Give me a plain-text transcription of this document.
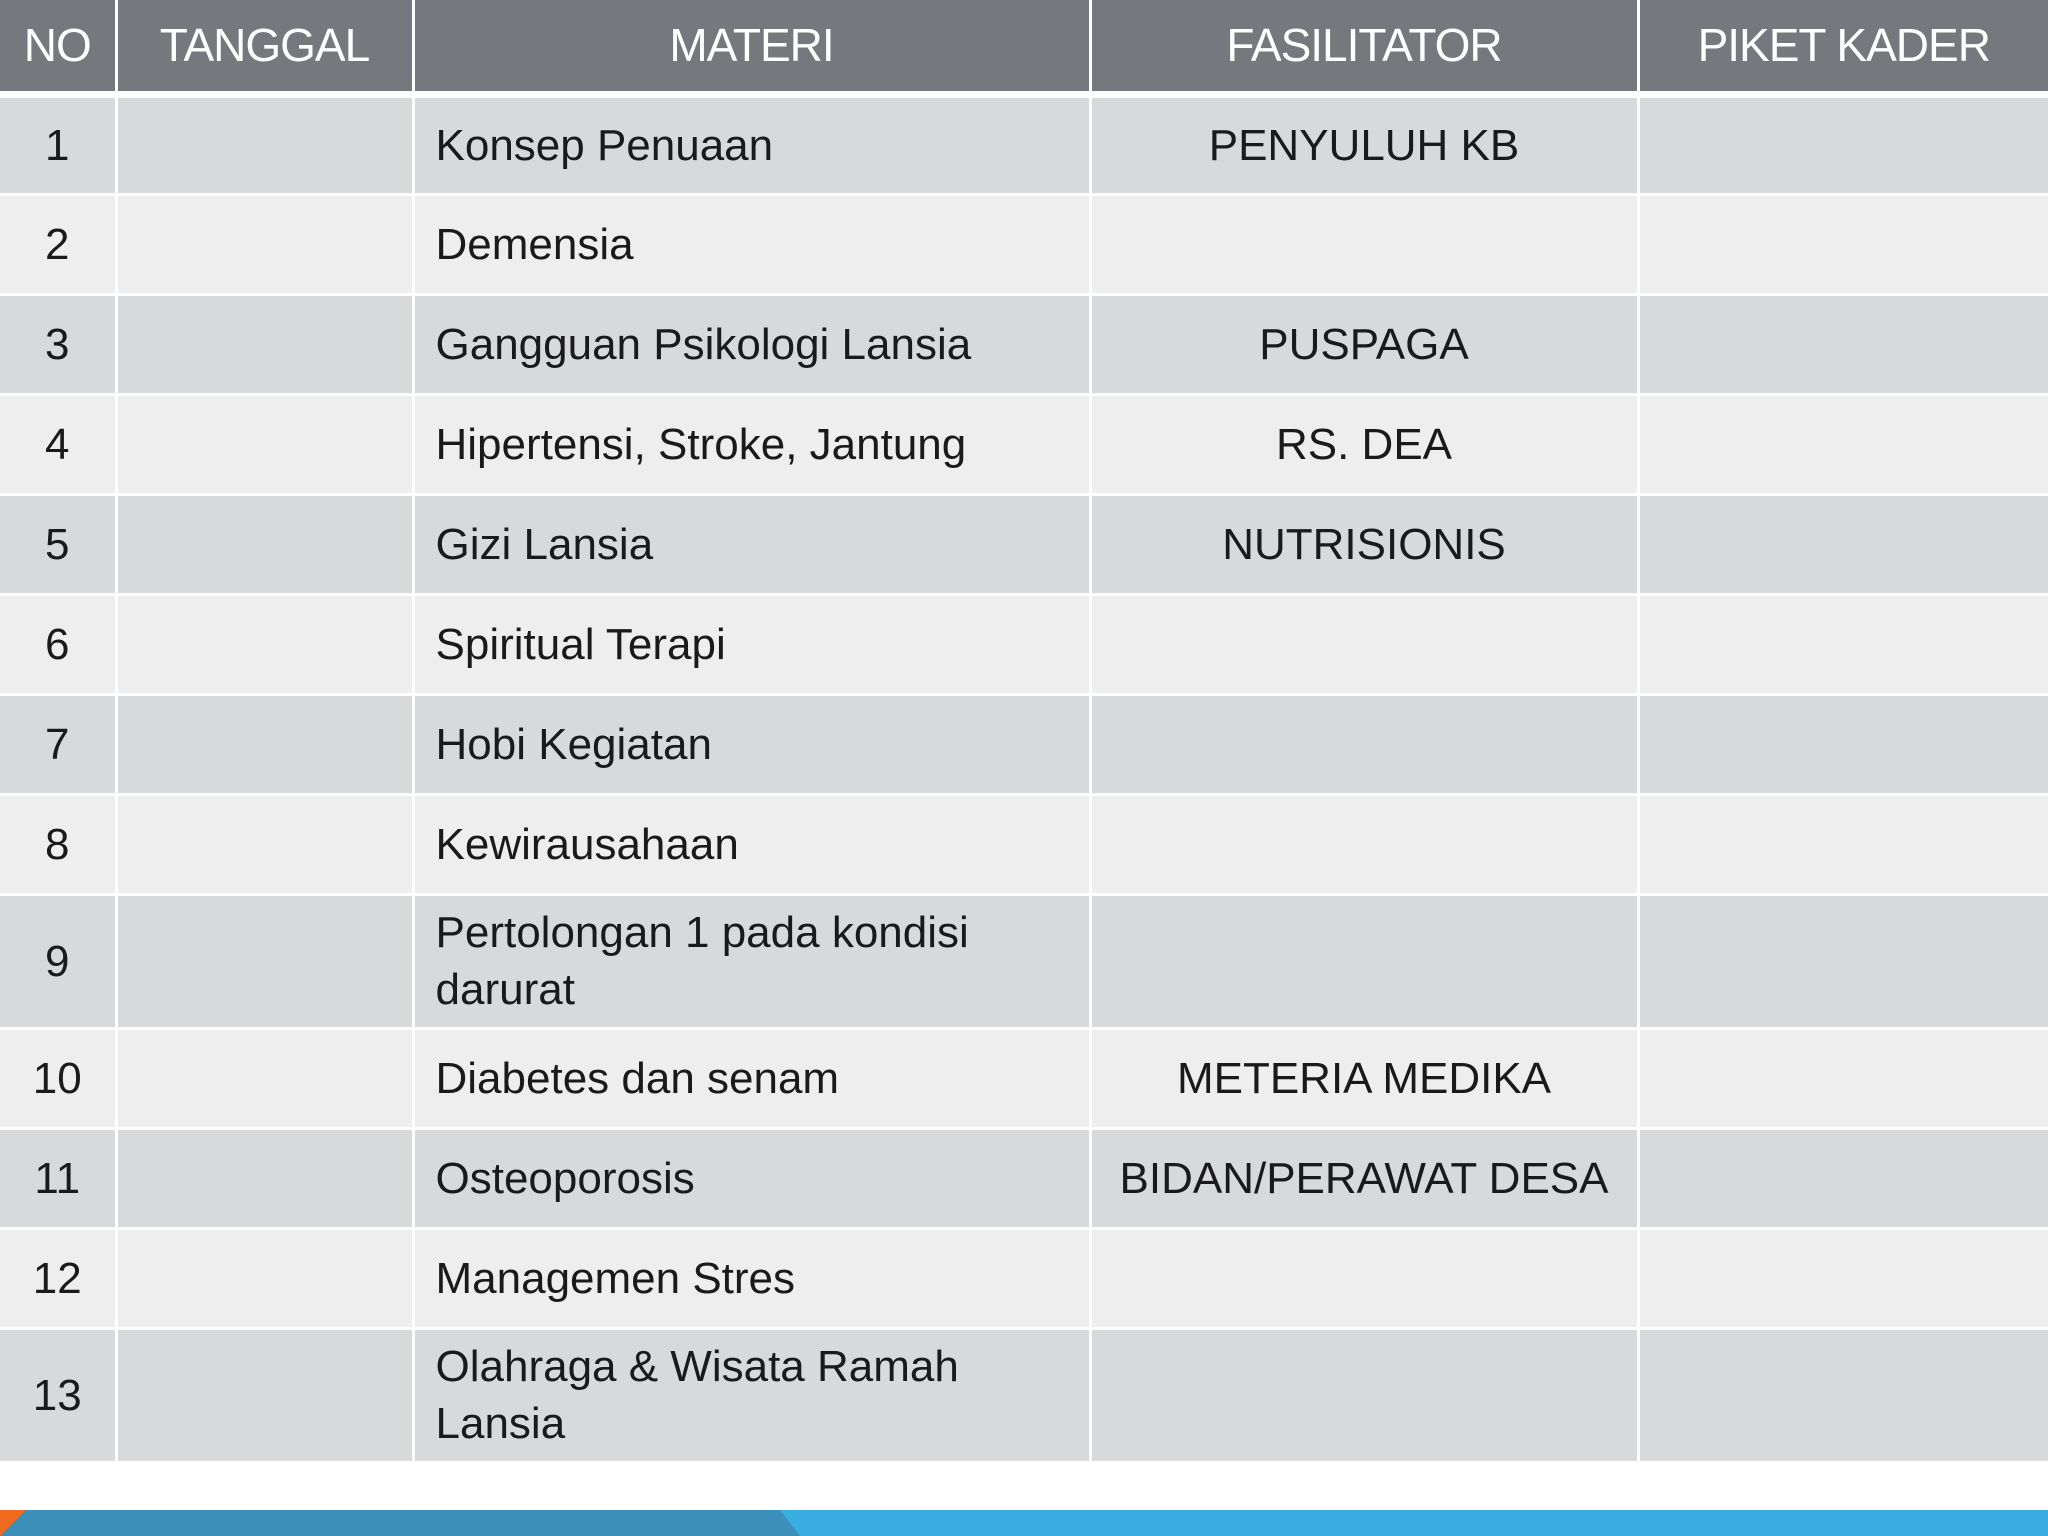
NO	TANGGAL	MATERI	FASILITATOR	PIKET KADER
1		Konsep Penuaan	PENYULUH KB	
2		Demensia		
3		Gangguan Psikologi Lansia	PUSPAGA	
4		Hipertensi, Stroke, Jantung	RS. DEA	
5		Gizi Lansia	NUTRISIONIS	
6		Spiritual Terapi		
7		Hobi Kegiatan		
8		Kewirausahaan		
9		Pertolongan 1 pada kondisi darurat		
10		Diabetes dan senam	METERIA MEDIKA	
11		Osteoporosis	BIDAN/PERAWAT DESA	
12		Managemen Stres		
13		Olahraga & Wisata Ramah Lansia		
